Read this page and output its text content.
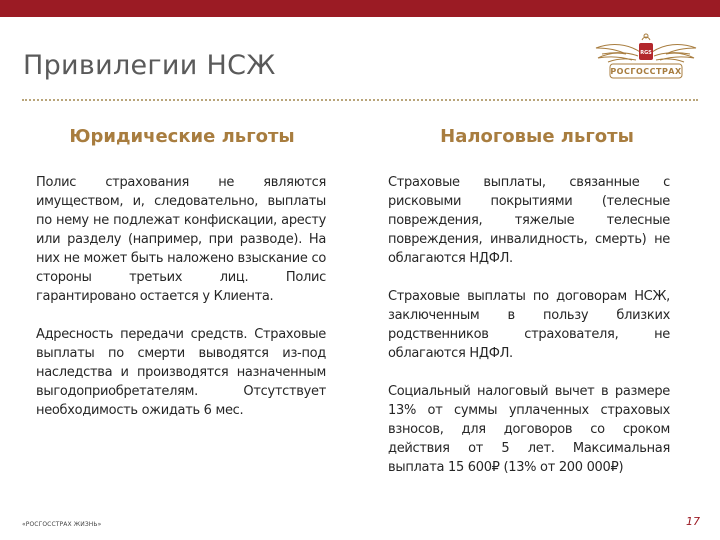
Привилегии НСЖ	RGS
РОСГОССТРАХ
Юридические льготы	Налоговые льготы

Полис страхования не являются имуществом, и, следовательно, выплаты по нему не подлежат конфискации, аресту или разделу (например, при разводе). На них не может быть наложено взыскание со стороны третьих лиц. Полис гарантировано остается у Клиента.

Адресность передачи средств. Страховые выплаты по смерти выводятся из-под наследства и производятся назначенным выгодоприобретателям. Отсутствует необходимость ожидать 6 мес.

Страховые выплаты, связанные с рисковыми покрытиями (телесные повреждения, тяжелые телесные повреждения, инвалидность, смерть) не облагаются НДФЛ.

Страховые выплаты по договорам НСЖ, заключенным в пользу близких родственников страхователя, не облагаются НДФЛ.

Социальный налоговый вычет в размере 13% от суммы уплаченных страховых взносов, для договоров со сроком действия от 5 лет. Максимальная выплата 15 600₽ (13% от 200 000₽)

«РОСГОССТРАХ ЖИЗНЬ»	17
